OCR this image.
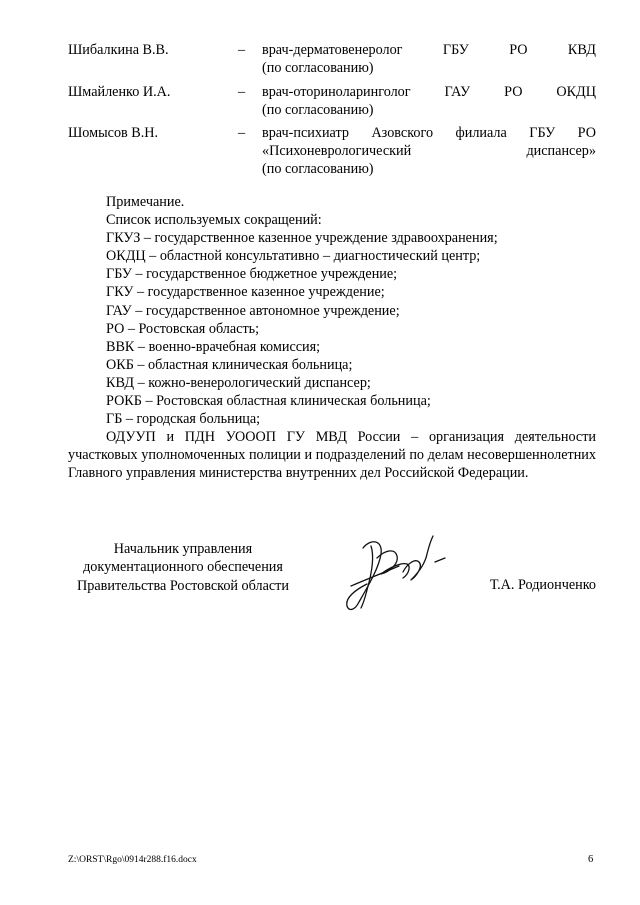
Шибалкина В.В.	– врач-дерматовенеролог	ГБУ	РО	КВД
(по согласованию)
Шмайленко И.А.	– врач-оториноларинголог ГАУ РО ОКДЦ
(по согласованию)
Шомысов В.Н.	– врач-психиатр Азовского филиала ГБУ РО
«Психоневрологический	диспансер»
(по согласованию)
Примечание.
Список используемых сокращений:
ГКУЗ – государственное казенное учреждение здравоохранения;
ОКДЦ – областной консультативно – диагностический центр;
ГБУ – государственное бюджетное учреждение;
ГКУ – государственное казенное учреждение;
ГАУ – государственное автономное учреждение;
РО – Ростовская область;
ВВК – военно-врачебная комиссия;
ОКБ – областная клиническая больница;
КВД – кожно-венерологический диспансер;
РОКБ – Ростовская областная клиническая больница;
ГБ – городская больница;
ОДУУП и ПДН УОООП ГУ МВД России – организация деятельности участковых уполномоченных полиции и подразделений по делам несовершеннолетних Главного управления министерства внутренних дел Российской Федерации.
Начальник управления
документационного обеспечения
Правительства Ростовской области	Т.А. Родионченко
Z:\ORST\Rgo\0914r288.f16.docx	6
